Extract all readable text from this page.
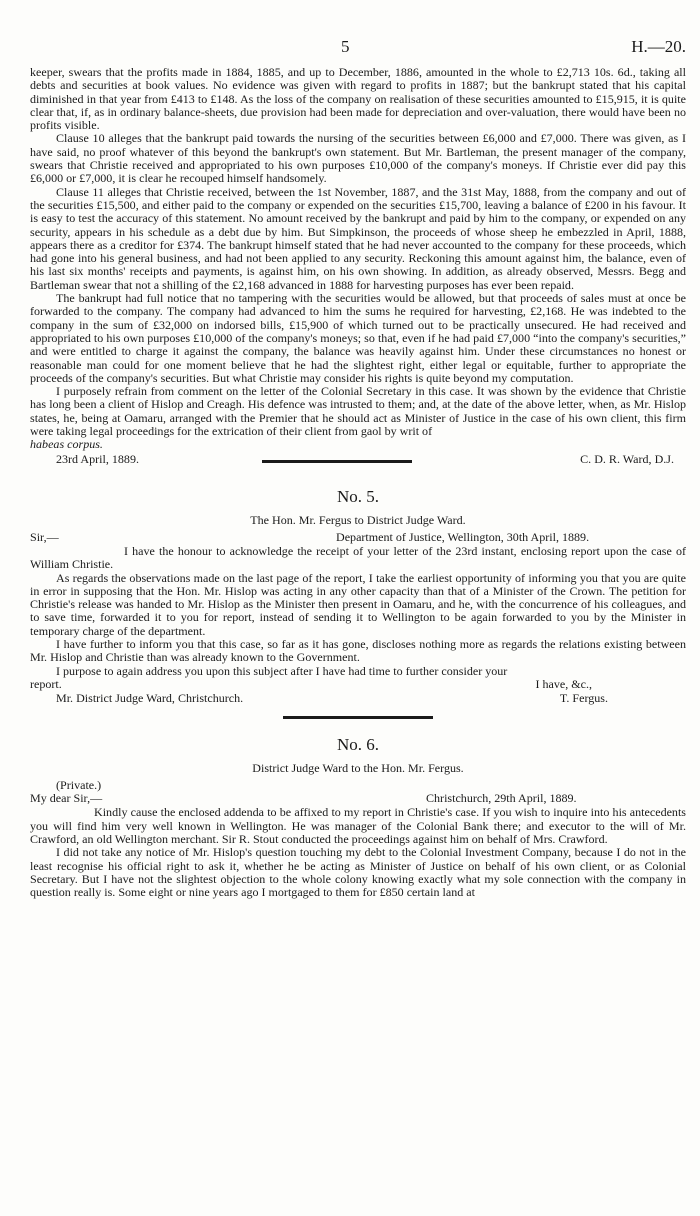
5	H.—20.

keeper, swears that the profits made in 1884, 1885, and up to December, 1886, amounted in the whole to £2,713 10s. 6d., taking all debts and securities at book values. No evidence was given with regard to profits in 1887; but the bankrupt stated that his capital diminished in that year from £413 to £148. As the loss of the company on realisation of these securities amounted to £15,915, it is quite clear that, if, as in ordinary balance-sheets, due provision had been made for depreciation and over-valuation, there would have been no profits visible.

Clause 10 alleges that the bankrupt paid towards the nursing of the securities between £6,000 and £7,000. There was given, as I have said, no proof whatever of this beyond the bankrupt's own statement. But Mr. Bartleman, the present manager of the company, swears that Christie received and appropriated to his own purposes £10,000 of the company's moneys. If Christie ever did pay this £6,000 or £7,000, it is clear he recouped himself handsomely.

Clause 11 alleges that Christie received, between the 1st November, 1887, and the 31st May, 1888, from the company and out of the securities £15,500, and either paid to the company or expended on the securities £15,700, leaving a balance of £200 in his favour. It is easy to test the accuracy of this statement. No amount received by the bankrupt and paid by him to the company, or expended on any security, appears in his schedule as a debt due by him. But Simpkinson, the proceeds of whose sheep he embezzled in April, 1888, appears there as a creditor for £374. The bankrupt himself stated that he had never accounted to the company for these proceeds, which had gone into his general business, and had not been applied to any security. Reckoning this amount against him, the balance, even of his last six months' receipts and payments, is against him, on his own showing. In addition, as already observed, Messrs. Begg and Bartleman swear that not a shilling of the £2,168 advanced in 1888 for harvesting purposes has ever been repaid.

The bankrupt had full notice that no tampering with the securities would be allowed, but that proceeds of sales must at once be forwarded to the company. The company had advanced to him the sums he required for harvesting, £2,168. He was indebted to the company in the sum of £32,000 on indorsed bills, £15,900 of which turned out to be practically unsecured. He had received and appropriated to his own purposes £10,000 of the company's moneys; so that, even if he had paid £7,000 “into the company's securities,” and were entitled to charge it against the company, the balance was heavily against him. Under these circumstances no honest or reasonable man could for one moment believe that he had the slightest right, either legal or equitable, further to appropriate the proceeds of the company's securities. But what Christie may consider his rights is quite beyond my computation.

I purposely refrain from comment on the letter of the Colonial Secretary in this case. It was shown by the evidence that Christie has long been a client of Hislop and Creagh. His defence was intrusted to them; and, at the date of the above letter, when, as Mr. Hislop states, he, being at Oamaru, arranged with the Premier that he should act as Minister of Justice in the case of his own client, this firm were taking legal proceedings for the extrication of their client from gaol by writ of

habeas corpus.

23rd April, 1889.	C. D. R. Ward, D.J.
No. 5.
The Hon. Mr. Fergus to District Judge Ward.
Sir,—	Department of Justice, Wellington, 30th April, 1889.

I have the honour to acknowledge the receipt of your letter of the 23rd instant, enclosing report upon the case of William Christie.

As regards the observations made on the last page of the report, I take the earliest opportunity of informing you that you are quite in error in supposing that the Hon. Mr. Hislop was acting in any other capacity than that of a Minister of the Crown. The petition for Christie's release was handed to Mr. Hislop as the Minister then present in Oamaru, and he, with the concurrence of his colleagues, and to save time, forwarded it to you for report, instead of sending it to Wellington to be again forwarded to you by the Minister in temporary charge of the department.

I have further to inform you that this case, so far as it has gone, discloses nothing more as regards the relations existing between Mr. Hislop and Christie than was already known to the Government.

I purpose to again address you upon this subject after I have had time to further consider your

report.	I have, &c.,
Mr. District Judge Ward, Christchurch.	T. Fergus.
No. 6.
District Judge Ward to the Hon. Mr. Fergus.
(Private.)
My dear Sir,—	Christchurch, 29th April, 1889.

Kindly cause the enclosed addenda to be affixed to my report in Christie's case. If you wish to inquire into his antecedents you will find him very well known in Wellington. He was manager of the Colonial Bank there; and executor to the will of Mr. Crawford, an old Wellington merchant. Sir R. Stout conducted the proceedings against him on behalf of Mrs. Crawford.

I did not take any notice of Mr. Hislop's question touching my debt to the Colonial Investment Company, because I do not in the least recognise his official right to ask it, whether he be acting as Minister of Justice on behalf of his own client, or as Colonial Secretary. But I have not the slightest objection to the whole colony knowing exactly what my sole connection with the company in question really is. Some eight or nine years ago I mortgaged to them for £850 certain land at
